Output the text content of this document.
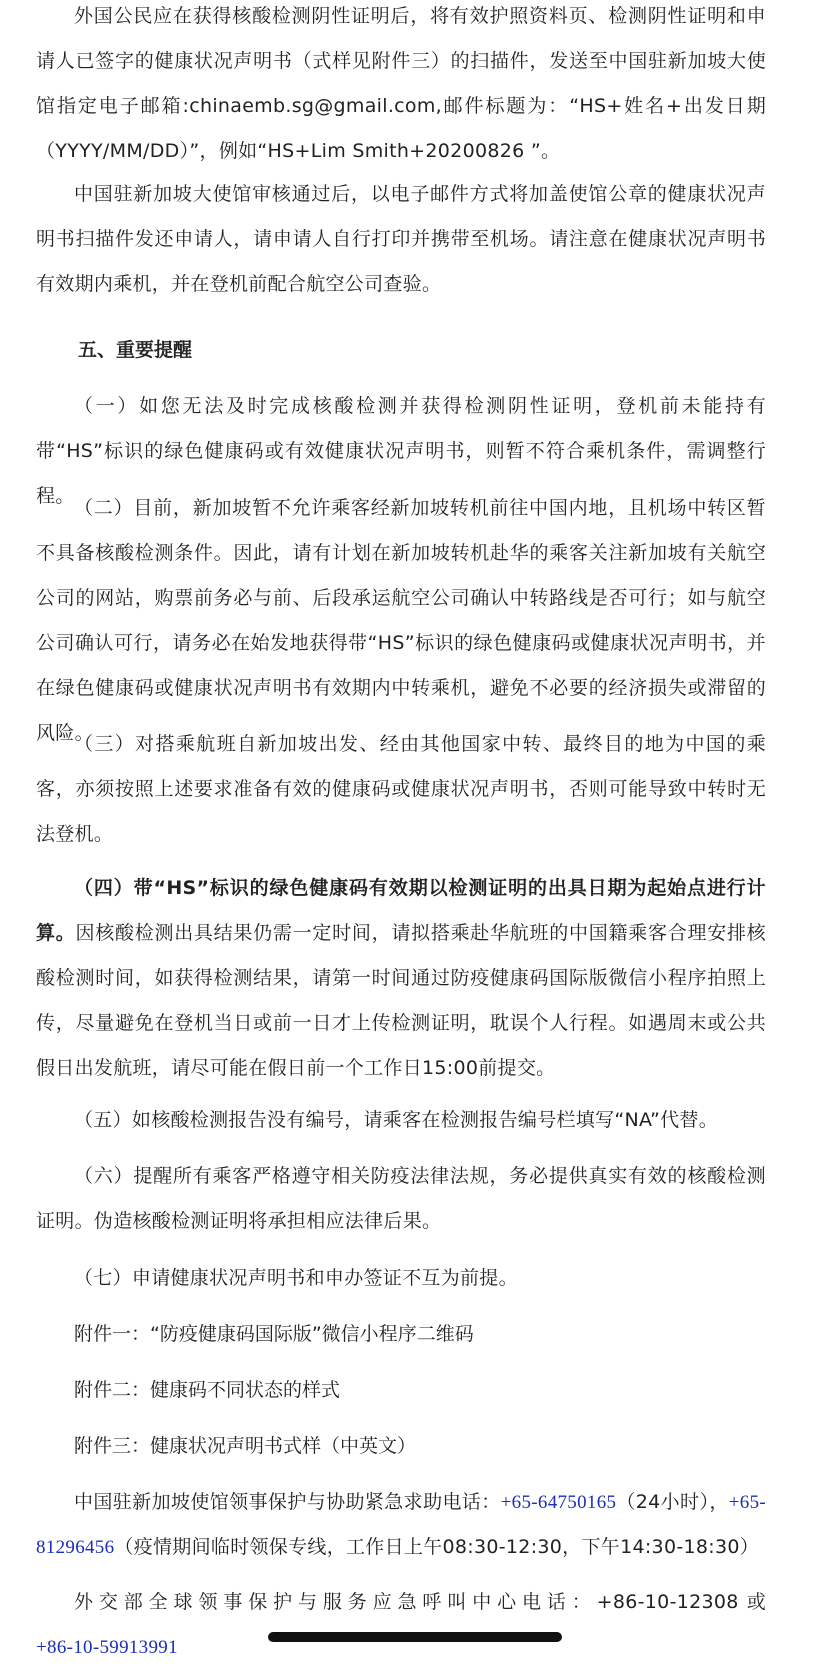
外国公民应在获得核酸检测阴性证明后，将有效护照资料页、检测阴性证明和申请人已签字的健康状况声明书（式样见附件三）的扫描件，发送至中国驻新加坡大使馆指定电子邮箱:chinaemb.sg@gmail.com,邮件标题为：“HS+姓名+出发日期（YYYY/MM/DD）”，例如“HS+Lim Smith+20200826 ”。

中国驻新加坡大使馆审核通过后，以电子邮件方式将加盖使馆公章的健康状况声明书扫描件发还申请人，请申请人自行打印并携带至机场。请注意在健康状况声明书有效期内乘机，并在登机前配合航空公司查验。

五、重要提醒

（一）如您无法及时完成核酸检测并获得检测阴性证明，登机前未能持有带“HS”标识的绿色健康码或有效健康状况声明书，则暂不符合乘机条件，需调整行程。

（二）目前，新加坡暂不允许乘客经新加坡转机前往中国内地，且机场中转区暂不具备核酸检测条件。因此，请有计划在新加坡转机赴华的乘客关注新加坡有关航空公司的网站，购票前务必与前、后段承运航空公司确认中转路线是否可行；如与航空公司确认可行，请务必在始发地获得带“HS”标识的绿色健康码或健康状况声明书，并在绿色健康码或健康状况声明书有效期内中转乘机，避免不必要的经济损失或滞留的风险。

（三）对搭乘航班自新加坡出发、经由其他国家中转、最终目的地为中国的乘客，亦须按照上述要求准备有效的健康码或健康状况声明书，否则可能导致中转时无法登机。

（四）带“HS”标识的绿色健康码有效期以检测证明的出具日期为起始点进行计算。因核酸检测出具结果仍需一定时间，请拟搭乘赴华航班的中国籍乘客合理安排核酸检测时间，如获得检测结果，请第一时间通过防疫健康码国际版微信小程序拍照上传，尽量避免在登机当日或前一日才上传检测证明，耽误个人行程。如遇周末或公共假日出发航班，请尽可能在假日前一个工作日15:00前提交。

（五）如核酸检测报告没有编号，请乘客在检测报告编号栏填写“NA”代替。

（六）提醒所有乘客严格遵守相关防疫法律法规，务必提供真实有效的核酸检测证明。伪造核酸检测证明将承担相应法律后果。

（七）申请健康状况声明书和申办签证不互为前提。

附件一：“防疫健康码国际版”微信小程序二维码

附件二：健康码不同状态的样式

附件三：健康状况声明书式样（中英文）

中国驻新加坡使馆领事保护与协助紧急求助电话：+65-64750165（24小时），+65-81296456（疫情期间临时领保专线，工作日上午08:30-12:30，下午14:30-18:30）

外交部全球领事保护与服务应急呼叫中心电话：+86-10-12308 或 +86-10-59913991
